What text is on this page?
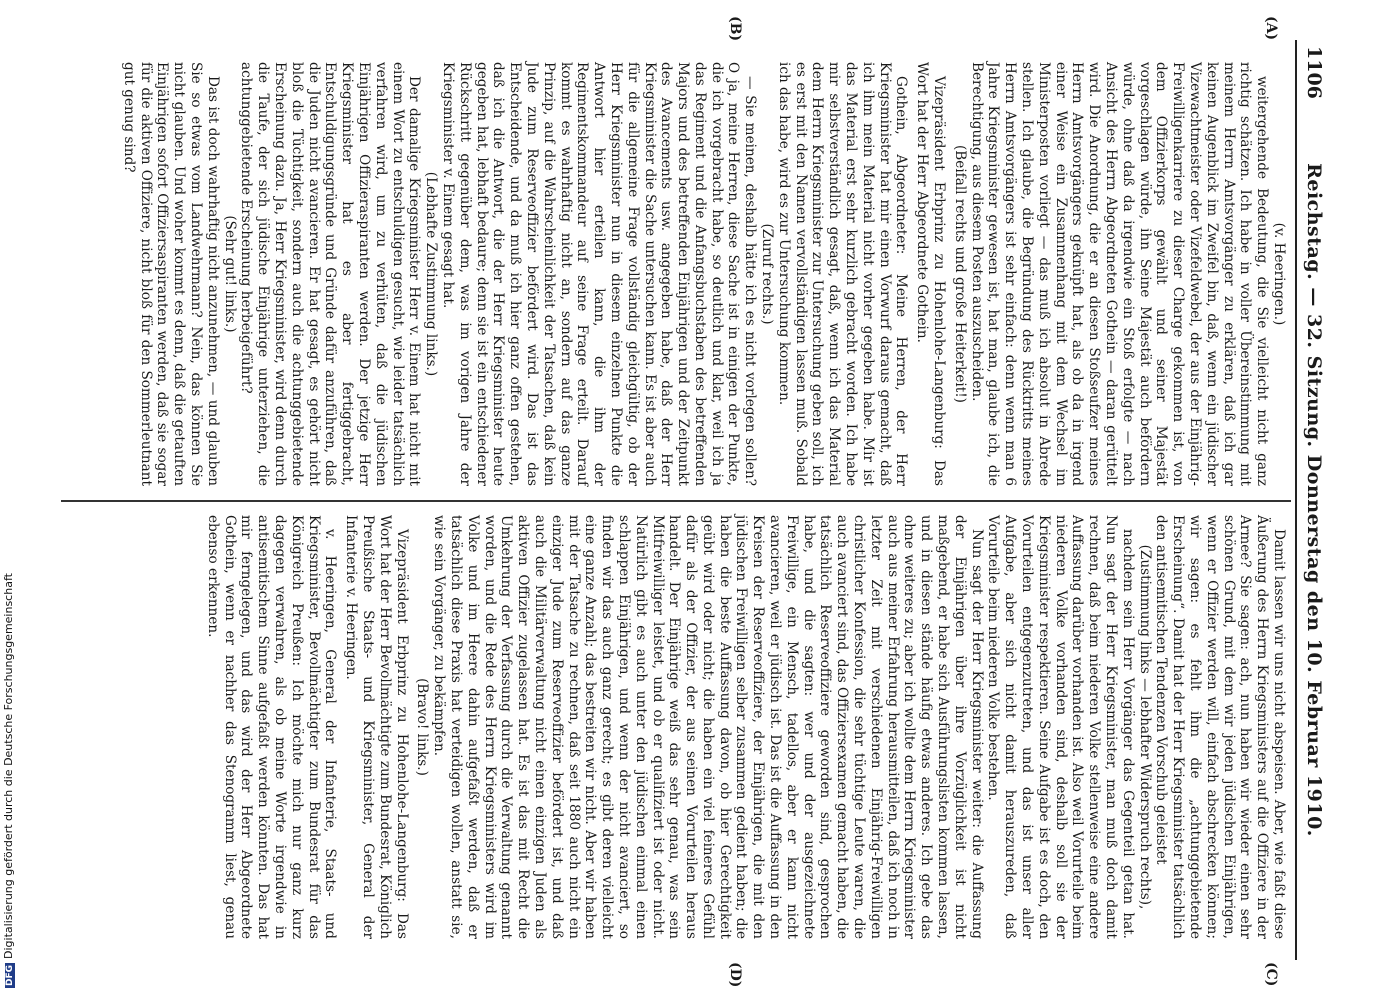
1106
Reichstag. — 32. Sitzung. Donnerstag den 10. Februar 1910.
(A)
(B)
(C)
(D)

(v. Heeringen.)

weitergehende Bedeutung, die Sie vielleicht nicht ganz richtig schätzen. Ich habe in voller Übereinstimmung mit meinem Herrn Amtsvorgänger zu erklären, daß ich gar keinen Augenblick im Zweifel bin, daß, wenn ein jüdischer Vizewachtmeister oder Vizefeldwebel, der aus der Einjährig-Freiwilligenkarriere zu dieser Charge gekommen ist, von dem Offizierkorps gewählt und seiner Majestät vorgeschlagen würde, ihn Seine Majestät auch befördern würde, ohne daß da irgendwie ein Stoß erfolgte — nach Ansicht des Herrn Abgeordneten Gothein — daran gerüttelt wird. Die Anordnung, die er an diesen Stoßseufzer meines Herrn Amtsvorgängers geknüpft hat, als ob da in irgend einer Weise ein Zusammenhang mit dem Wechsel im Ministerposten vorliegt — das muß ich absolut in Abrede stellen. Ich glaube, die Begründung des Rücktritts meines Herrn Amtsvorgängers ist sehr einfach: denn wenn man 6 Jahre Kriegsminister gewesen ist, hat man, glaube ich, die Berechtigung, aus diesem Posten auszuscheiden.

(Beifall rechts und große Heiterkeit!)

Vizepräsident Erbprinz zu Hohenlohe-Langenburg: Das Wort hat der Herr Abgeordnete Gothein.

Gothein, Abgeordneter: Meine Herren, der Herr Kriegsminister hat mir einen Vorwurf daraus gemacht, daß ich ihm mein Material nicht vorher gegeben habe. Mir ist das Material erst sehr kurzlich gebracht worden. Ich habe mir selbstverständlich gesagt, daß, wenn ich das Material dem Herrn Kriegsminister zur Untersuchung geben soll, ich es erst mit den Namen vervollständigen lassen muß. Sobald ich das habe, wird es zur Untersuchung kommen.

(Zuruf rechts.)

— Sie meinen, deshalb hätte ich es nicht vorlegen sollen? O ja, meine Herren, diese Sache ist in einigen der Punkte, die ich vorgebracht habe, so deutlich und klar, weil ich ja das Regiment und die Anfangsbuchstaben des betreffenden Majors und des betreffenden Einjährigen und der Zeitpunkt des Avancements usw. angegeben habe, daß der Herr Kriegsminister die Sache untersuchen kann. Es ist aber auch für die allgemeine Frage vollständig gleichgültig, ob der Herr Kriegsminister nun in diesem einzelnen Punkte die Antwort hier erteilen kann, die ihm der Regimentskommandeur auf seine Frage erteilt. Darauf kommt es wahrhaftig nicht an, sondern auf das ganze Prinzip, auf die Wahrscheinlichkeit der Tatsachen, daß kein Jude zum Reserveoffizier befördert wird. Das ist das Entscheidende, und da muß ich hier ganz offen gestehen, daß ich die Antwort, die der Herr Kriegsminister heute gegeben hat, lebhaft bedaure; denn sie ist ein entschiedener Rückschritt gegenüber dem, was im vorigen Jahre der Kriegsminister v. Einem gesagt hat.

(Lebhafte Zustimmung links.)

Der damalige Kriegsminister Herr v. Einem hat nicht mit einem Wort zu entschuldigen gesucht, wie leider tatsächlich verfahren wird, um zu verhüten, daß die jüdischen Einjährigen Offizieraspiranten werden. Der jetzige Herr Kriegsminister hat es aber fertiggebracht, Entschuldigungsgründe und Gründe dafür anzuführen, daß die Juden nicht avancieren. Er hat gesagt, es gehört nicht bloß die Tüchtigkeit, sondern auch die achtunggebietende Erscheinung dazu. Ja, Herr Kriegsminister, wird denn durch die Taufe, der sich jüdische Einjährige unterziehen, die achtunggebietende Erscheinung herbeigeführt?

(Sehr gut! links.)

Das ist doch wahrhaftig nicht anzunehmen, — und glauben Sie so etwas vom Landwehrmann? Nein, das können Sie nicht glauben. Und woher kommt es denn, daß die getauften Einjährigen sofort Offiziersaspiranten werden, daß sie sogar für die aktiven Offiziere, nicht bloß für den Sommerleutnant gut genug sind?

Damit lassen wir uns nicht abspeisen. Aber, wie faßt diese Äußerung des Herrn Kriegsministers auf die Offiziere in der Armee? Sie sagen: ach, nun haben wir wieder einen sehr schönen Grund, mit dem wir jeden jüdischen Einjährigen, wenn er Offizier werden will, einfach abschrecken können; wir sagen: es fehlt ihm die „achtunggebietende Erscheinung“. Damit hat der Herr Kriegsminister tatsächlich den antisemitischen Tendenzen Vorschub geleistet

(Zustimmung links — lebhafter Widerspruch rechts),

nachdem sein Herr Vorgänger das Gegenteil getan hat. Nun sagt der Herr Kriegsminister, man muß doch damit rechnen, daß beim niederen Volke stellenweise eine andere Auffassung darüber vorhanden ist. Also weil Vorurteile beim niederen Volke vorhanden sind, deshalb soll sie der Kriegsminister respektieren. Seine Aufgabe ist es doch, den Vorurteilen entgegenzutreten, und das ist unser aller Aufgabe, aber sich nicht damit herauszureden, daß Vorurteile beim niederen Volke bestehen.

Nun sagt der Herr Kriegsminister weiter: die Auffassung der Einjährigen über ihre Vorzüglichkeit ist nicht maßgebend, er habe sich Ausführungslisten kommen lassen, und in diesen stände häufig etwas anderes. Ich gebe das ohne weiteres zu; aber ich wollte dem Herrn Kriegsminister auch aus meiner Erfahrung herausmitteilen, daß ich noch in letzter Zeit mit verschiedenen Einjährig-Freiwilligen christlicher Konfession, die sehr tüchtige Leute waren, die auch avanciert sind, das Offiziersexamen gemacht haben, die tatsächlich Reserveoffiziere geworden sind, gesprochen habe, und die sagten: wer und der ausgezeichnete Freiwillige, ein Mensch, tadellos, aber er kann nicht avancieren, weil er jüdisch ist. Das ist die Auffassung in den Kreisen der Reserveoffiziere, der Einjährigen, die mit den jüdischen Freiwilligen selber zusammen gedient haben; die haben die beste Auffassung davon, ob hier Gerechtigkeit geübt wird oder nicht; die haben ein viel feineres Gefühl dafür als der Offizier, der aus seinen Vorurteilen heraus handelt. Der Einjährige weiß das sehr genau, was sein Mitfreiwilliger leistet, und ob er qualifiziert ist oder nicht. Natürlich gibt es auch unter den jüdischen einmal einen schlappen Einjährigen, und wenn der nicht avanciert, so finden wir das auch ganz gerecht; es gibt deren vielleicht eine ganze Anzahl; das bestreiten wir nicht. Aber wir haben mit der Tatsache zu rechnen, daß seit 1880 auch nicht ein einziger Jude zum Reserveoffizier befördert ist, und daß auch die Militärverwaltung nicht einen einzigen Juden als aktiven Offizier zugelassen hat. Es ist das mit Recht die Umkehrung der Verfassung durch die Verwaltung genannt worden, und die Rede des Herrn Kriegsministers wird im Volke und im Heere dahin aufgefaßt werden, daß er tatsächlich diese Praxis hat verteidigen wollen, anstatt sie, wie sein Vorgänger, zu bekämpfen.

(Bravo! links.)

Vizepräsident Erbprinz zu Hohenlohe-Langenburg: Das Wort hat der Herr Bevollmächtigte zum Bundesrat, Königlich Preußische Staats- und Kriegsminister, General der Infanterie v. Heeringen.

v. Heeringen, General der Infanterie, Staats- und Kriegsminister, Bevollmächtigter zum Bundesrat für das Königreich Preußen: Ich möchte mich nur ganz kurz dagegen verwahren, als ob meine Worte irgendwie in antisemitischem Sinne aufgefaßt werden könnten. Das hat mir ferngelegen, und das wird der Herr Abgeordnete Gothein, wenn er nachher das Stenogramm liest, genau ebenso erkennen.

DFGDigitalisierung gefördert durch die Deutsche Forschungsgemeinschaft
